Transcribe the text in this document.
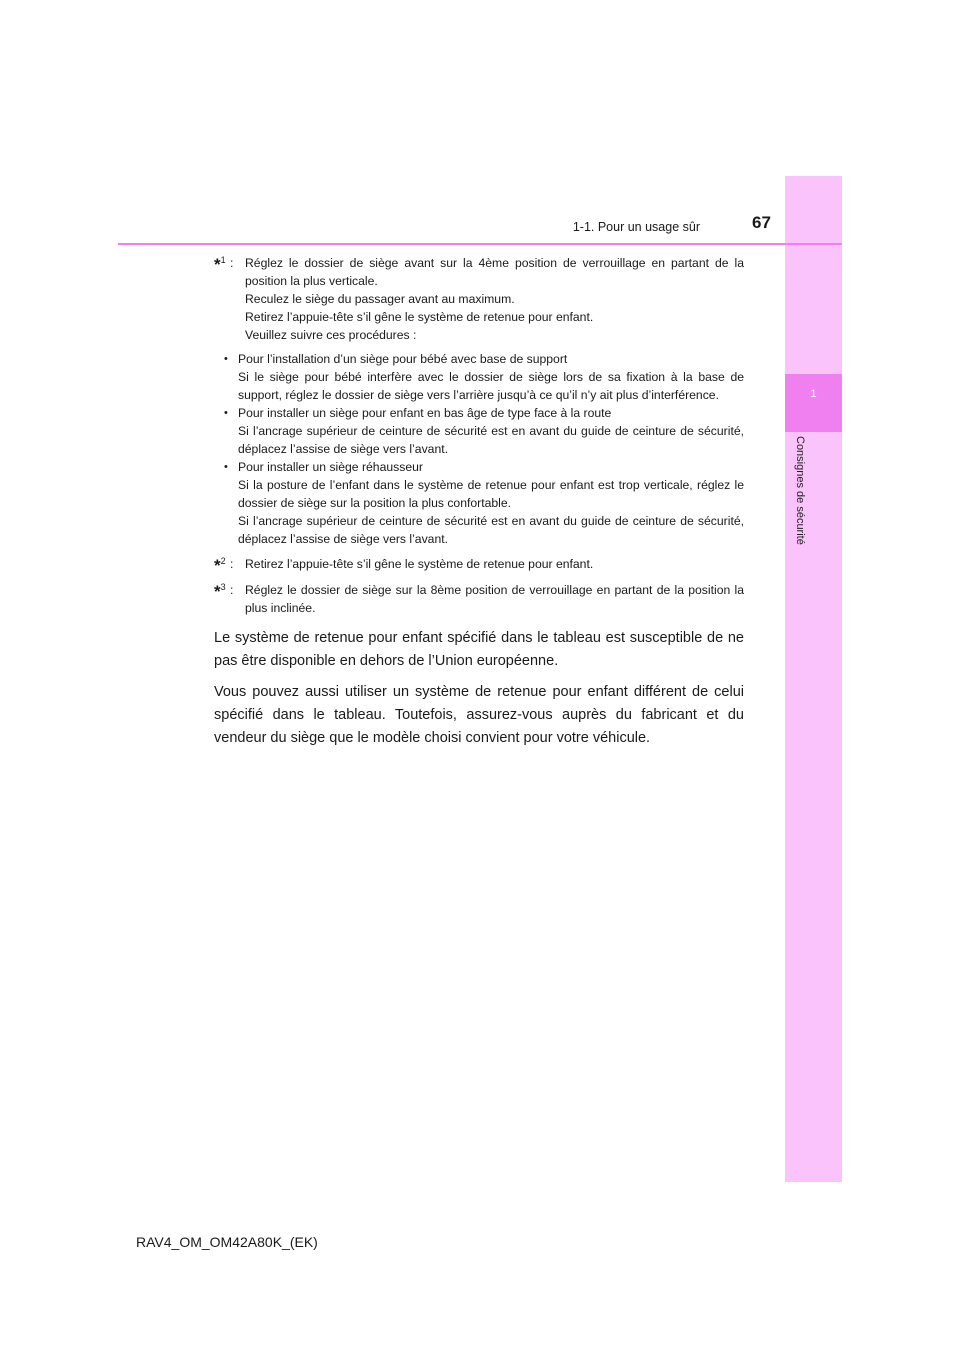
1
Consignes de sécurité
1-1. Pour un usage sûr	67
*$^1$ : Réglez le dossier de siège avant sur la 4ème position de verrouillage en partant de la position la plus verticale.

Reculez le siège du passager avant au maximum.

Retirez l’appuie-tête s’il gêne le système de retenue pour enfant.

Veuillez suivre ces procédures :

• Pour l’installation d’un siège pour bébé avec base de support

Si le siège pour bébé interfère avec le dossier de siège lors de sa fixation à la base de support, réglez le dossier de siège vers l’arrière jusqu’à ce qu’il n’y ait plus d’interférence.

• Pour installer un siège pour enfant en bas âge de type face à la route

Si l’ancrage supérieur de ceinture de sécurité est en avant du guide de ceinture de sécurité, déplacez l’assise de siège vers l’avant.

• Pour installer un siège réhausseur

Si la posture de l’enfant dans le système de retenue pour enfant est trop verticale, réglez le dossier de siège sur la position la plus confortable.

Si l’ancrage supérieur de ceinture de sécurité est en avant du guide de ceinture de sécurité, déplacez l’assise de siège vers l’avant.

*$^2$ : Retirez l’appuie-tête s’il gêne le système de retenue pour enfant.

*$^3$ : Réglez le dossier de siège sur la 8ème position de verrouillage en partant de la position la plus inclinée.

Le système de retenue pour enfant spécifié dans le tableau est susceptible de ne pas être disponible en dehors de l’Union européenne.

Vous pouvez aussi utiliser un système de retenue pour enfant différent de celui spécifié dans le tableau. Toutefois, assurez-vous auprès du fabricant et du vendeur du siège que le modèle choisi convient pour votre véhicule.

RAV4_OM_OM42A80K_(EK)
